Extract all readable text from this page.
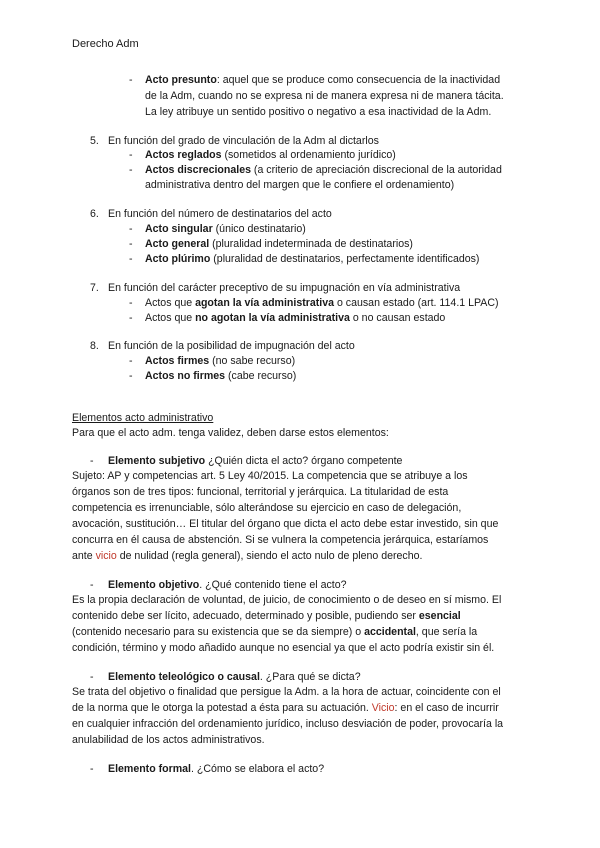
Derecho Adm
- Acto presunto: aquel que se produce como consecuencia de la inactividad
de la Adm, cuando no se expresa ni de manera expresa ni de manera tácita.
La ley atribuye un sentido positivo o negativo a esa inactividad de la Adm.
5. En función del grado de vinculación de la Adm al dictarlos
- Actos reglados (sometidos al ordenamiento jurídico)
- Actos discrecionales (a criterio de apreciación discrecional de la autoridad
administrativa dentro del margen que le confiere el ordenamiento)
6. En función del número de destinatarios del acto
- Acto singular (único destinatario)
- Acto general (pluralidad indeterminada de destinatarios)
- Acto plúrimo (pluralidad de destinatarios, perfectamente identificados)
7. En función del carácter preceptivo de su impugnación en vía administrativa
- Actos que agotan la vía administrativa o causan estado (art. 114.1 LPAC)
- Actos que no agotan la vía administrativa o no causan estado
8. En función de la posibilidad de impugnación del acto
- Actos firmes (no sabe recurso)
- Actos no firmes (cabe recurso)
Elementos acto administrativo
Para que el acto adm. tenga validez, deben darse estos elementos:
- Elemento subjetivo ¿Quién dicta el acto? órgano competente
Sujeto: AP y competencias art. 5 Ley 40/2015. La competencia que se atribuye a los
órganos son de tres tipos: funcional, territorial y jerárquica. La titularidad de esta
competencia es irrenunciable, sólo alterándose su ejercicio en caso de delegación,
avocación, sustitución… El titular del órgano que dicta el acto debe estar investido, sin que
concurra en él causa de abstención. Si se vulnera la competencia jerárquica, estaríamos
ante vicio de nulidad (regla general), siendo el acto nulo de pleno derecho.
- Elemento objetivo. ¿Qué contenido tiene el acto?
Es la propia declaración de voluntad, de juicio, de conocimiento o de deseo en sí mismo. El
contenido debe ser lícito, adecuado, determinado y posible, pudiendo ser esencial
(contenido necesario para su existencia que se da siempre) o accidental, que sería la
condición, término y modo añadido aunque no esencial ya que el acto podría existir sin él.
- Elemento teleológico o causal. ¿Para qué se dicta?
Se trata del objetivo o finalidad que persigue la Adm. a la hora de actuar, coincidente con el
de la norma que le otorga la potestad a ésta para su actuación. Vicio: en el caso de incurrir
en cualquier infracción del ordenamiento jurídico, incluso desviación de poder, provocaría la
anulabilidad de los actos administrativos.
- Elemento formal. ¿Cómo se elabora el acto?
